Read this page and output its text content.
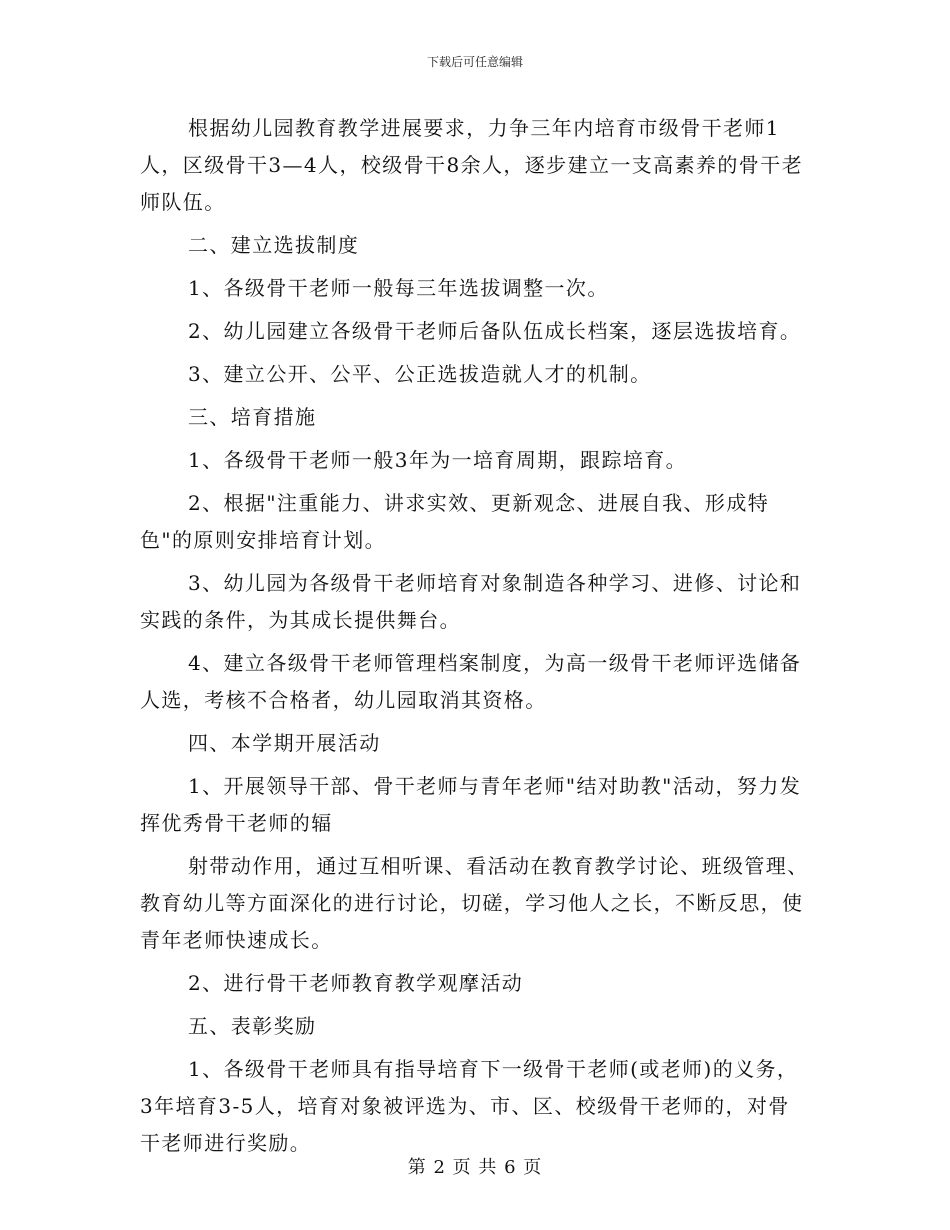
下载后可任意编辑

根据幼儿园教育教学进展要求，力争三年内培育市级骨干老师1人，区级骨干3—4人，校级骨干8余人，逐步建立一支高素养的骨干老师队伍。

二、建立选拔制度

1、各级骨干老师一般每三年选拔调整一次。

2、幼儿园建立各级骨干老师后备队伍成长档案，逐层选拔培育。

3、建立公开、公平、公正选拔造就人才的机制。

三、培育措施

1、各级骨干老师一般3年为一培育周期，跟踪培育。

2、根据"注重能力、讲求实效、更新观念、进展自我、形成特色"的原则安排培育计划。

3、幼儿园为各级骨干老师培育对象制造各种学习、进修、讨论和实践的条件，为其成长提供舞台。

4、建立各级骨干老师管理档案制度，为高一级骨干老师评选储备人选，考核不合格者，幼儿园取消其资格。

四、本学期开展活动

1、开展领导干部、骨干老师与青年老师"结对助教"活动，努力发挥优秀骨干老师的辐

射带动作用，通过互相听课、看活动在教育教学讨论、班级管理、教育幼儿等方面深化的进行讨论，切磋，学习他人之长，不断反思，使青年老师快速成长。

2、进行骨干老师教育教学观摩活动

五、表彰奖励

1、各级骨干老师具有指导培育下一级骨干老师(或老师)的义务，3年培育3-5人，培育对象被评选为、市、区、校级骨干老师的，对骨干老师进行奖励。

第 2 页 共 6 页
